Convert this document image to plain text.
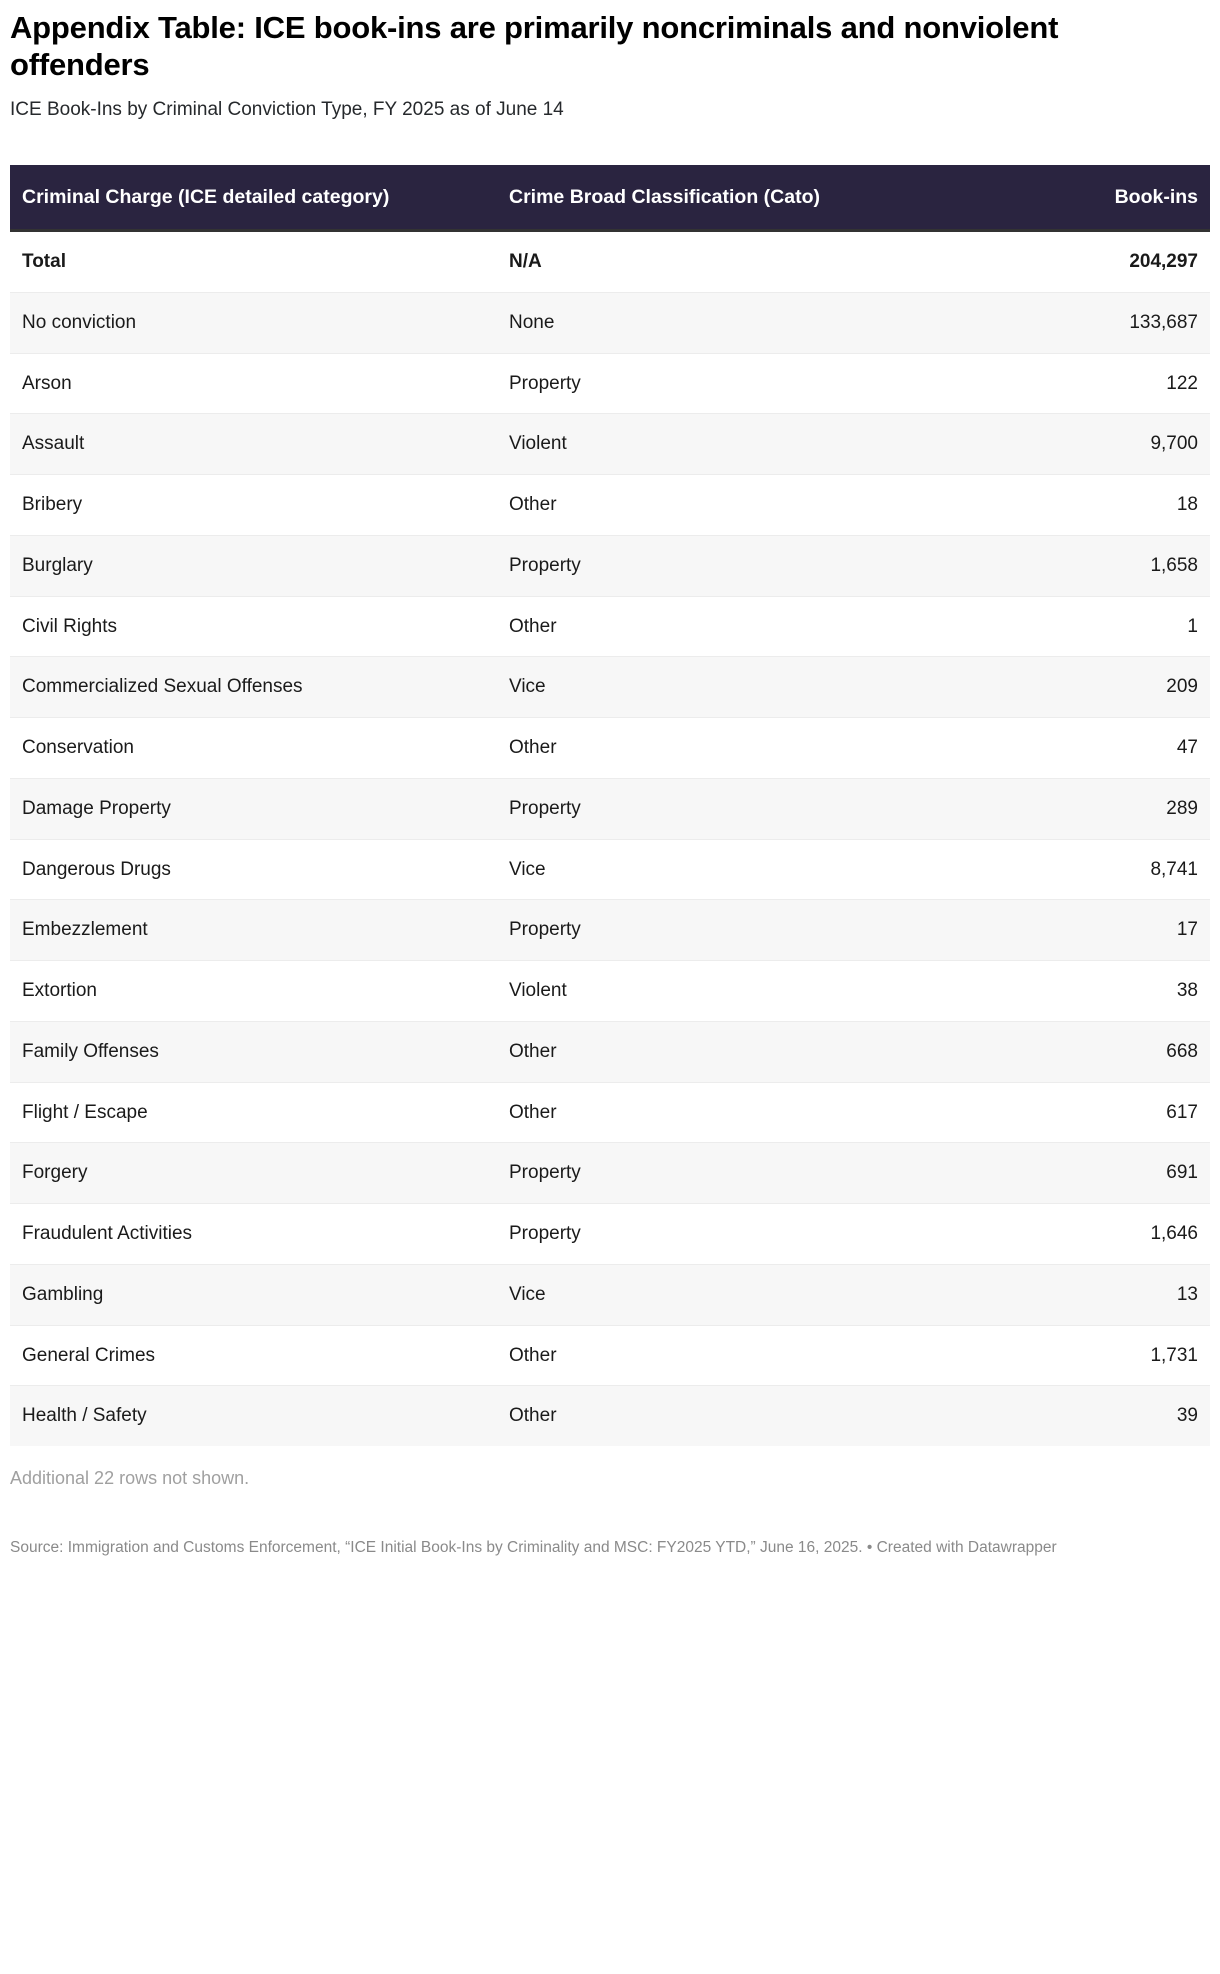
Appendix Table: ICE book-ins are primarily noncriminals and nonviolent offenders
ICE Book-Ins by Criminal Conviction Type, FY 2025 as of June 14
Criminal Charge (ICE detailed category)	Crime Broad Classification (Cato)	Book-ins
Total	N/A	204,297
No conviction	None	133,687
Arson	Property	122
Assault	Violent	9,700
Bribery	Other	18
Burglary	Property	1,658
Civil Rights	Other	1
Commercialized Sexual Offenses	Vice	209
Conservation	Other	47
Damage Property	Property	289
Dangerous Drugs	Vice	8,741
Embezzlement	Property	17
Extortion	Violent	38
Family Offenses	Other	668
Flight / Escape	Other	617
Forgery	Property	691
Fraudulent Activities	Property	1,646
Gambling	Vice	13
General Crimes	Other	1,731
Health / Safety	Other	39
Additional 22 rows not shown.
Source: Immigration and Customs Enforcement, “ICE Initial Book-Ins by Criminality and MSC: FY2025 YTD,” June 16, 2025. • Created with Datawrapper
